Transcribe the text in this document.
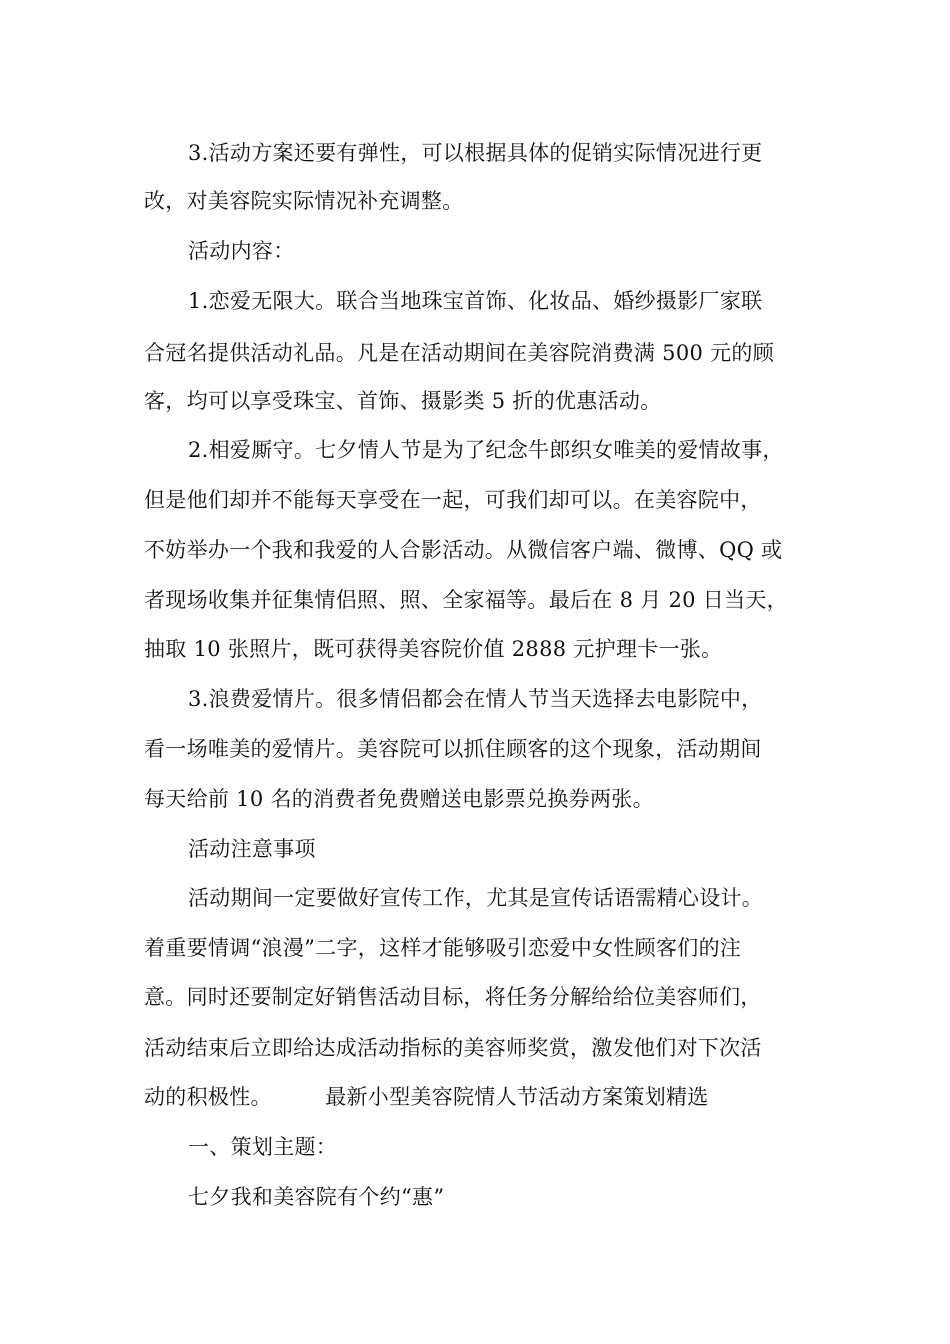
3.活动方案还要有弹性，可以根据具体的促销实际情况进行更
改，对美容院实际情况补充调整。
活动内容：
1.恋爱无限大。联合当地珠宝首饰、化妆品、婚纱摄影厂家联
合冠名提供活动礼品。凡是在活动期间在美容院消费满 500 元的顾
客，均可以享受珠宝、首饰、摄影类 5 折的优惠活动。
2.相爱厮守。七夕情人节是为了纪念牛郎织女唯美的爱情故事，
但是他们却并不能每天享受在一起，可我们却可以。在美容院中，
不妨举办一个我和我爱的人合影活动。从微信客户端、微博、QQ 或
者现场收集并征集情侣照、照、全家福等。最后在 8 月 20 日当天，
抽取 10 张照片，既可获得美容院价值 2888 元护理卡一张。
3.浪费爱情片。很多情侣都会在情人节当天选择去电影院中，
看一场唯美的爱情片。美容院可以抓住顾客的这个现象，活动期间
每天给前 10 名的消费者免费赠送电影票兑换券两张。
活动注意事项
活动期间一定要做好宣传工作，尤其是宣传话语需精心设计。
着重要情调“浪漫”二字，这样才能够吸引恋爱中女性顾客们的注
意。同时还要制定好销售活动目标，将任务分解给给位美容师们，
活动结束后立即给达成活动指标的美容师奖赏，激发他们对下次活
动的积极性。　　　最新小型美容院情人节活动方案策划精选
一、策划主题：
七夕我和美容院有个约“惠”
